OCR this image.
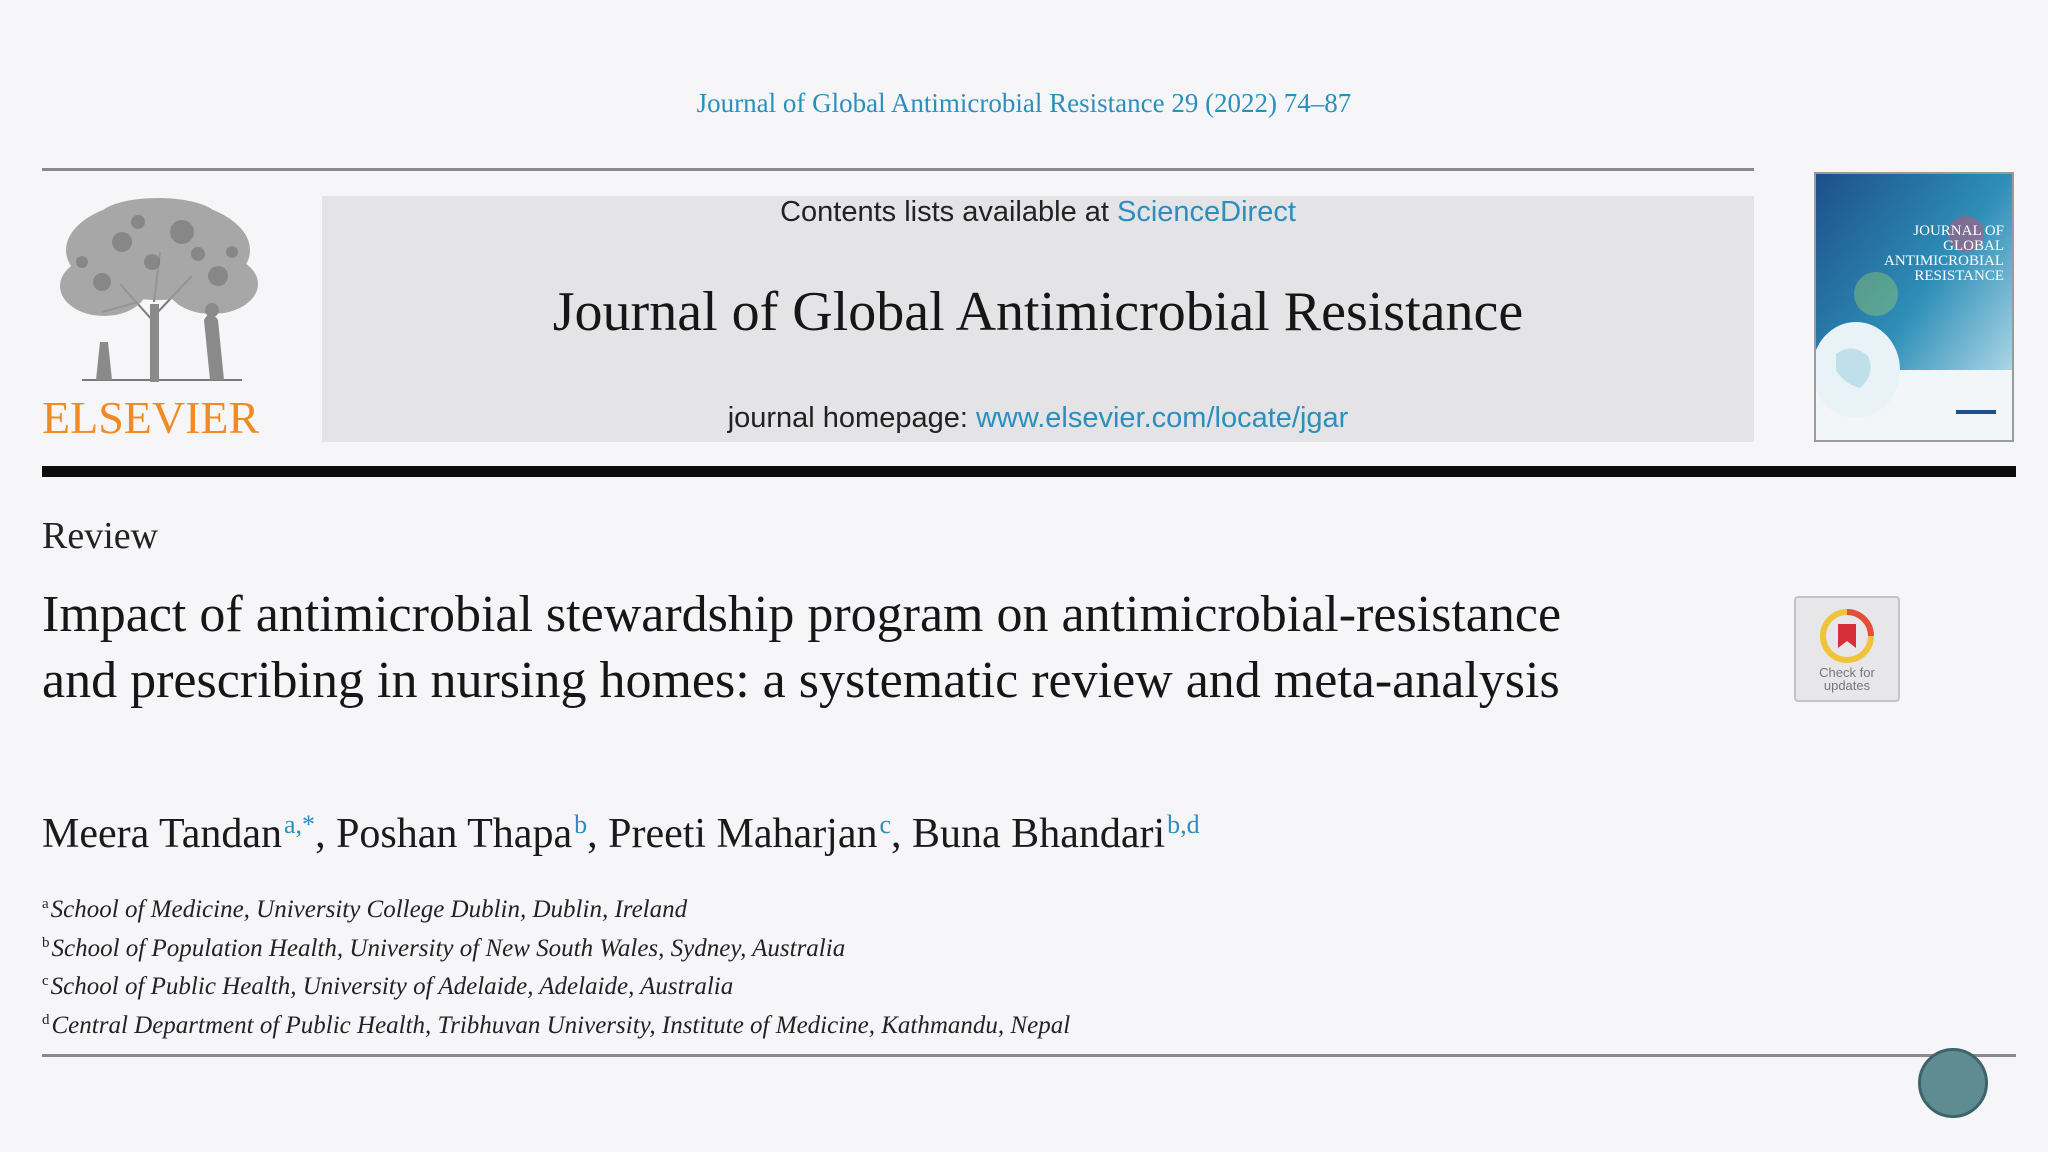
Journal of Global Antimicrobial Resistance 29 (2022) 74–87
ELSEVIER
Contents lists available at ScienceDirect
Journal of Global Antimicrobial Resistance
journal homepage: www.elsevier.com/locate/jgar
JOURNAL OF GLOBAL ANTIMICROBIAL RESISTANCE
Review
Impact of antimicrobial stewardship program on antimicrobial-resistance and prescribing in nursing homes: a systematic review and meta-analysis	Check for updates
Meera Tandan$^{a,*}$, Poshan Thapa$^b$, Preeti Maharjan$^c$, Buna Bhandari$^{b,d}$
$^a$School of Medicine, University College Dublin, Dublin, Ireland
$^b$School of Population Health, University of New South Wales, Sydney, Australia
$^c$School of Public Health, University of Adelaide, Adelaide, Australia
$^d$Central Department of Public Health, Tribhuvan University, Institute of Medicine, Kathmandu, Nepal
